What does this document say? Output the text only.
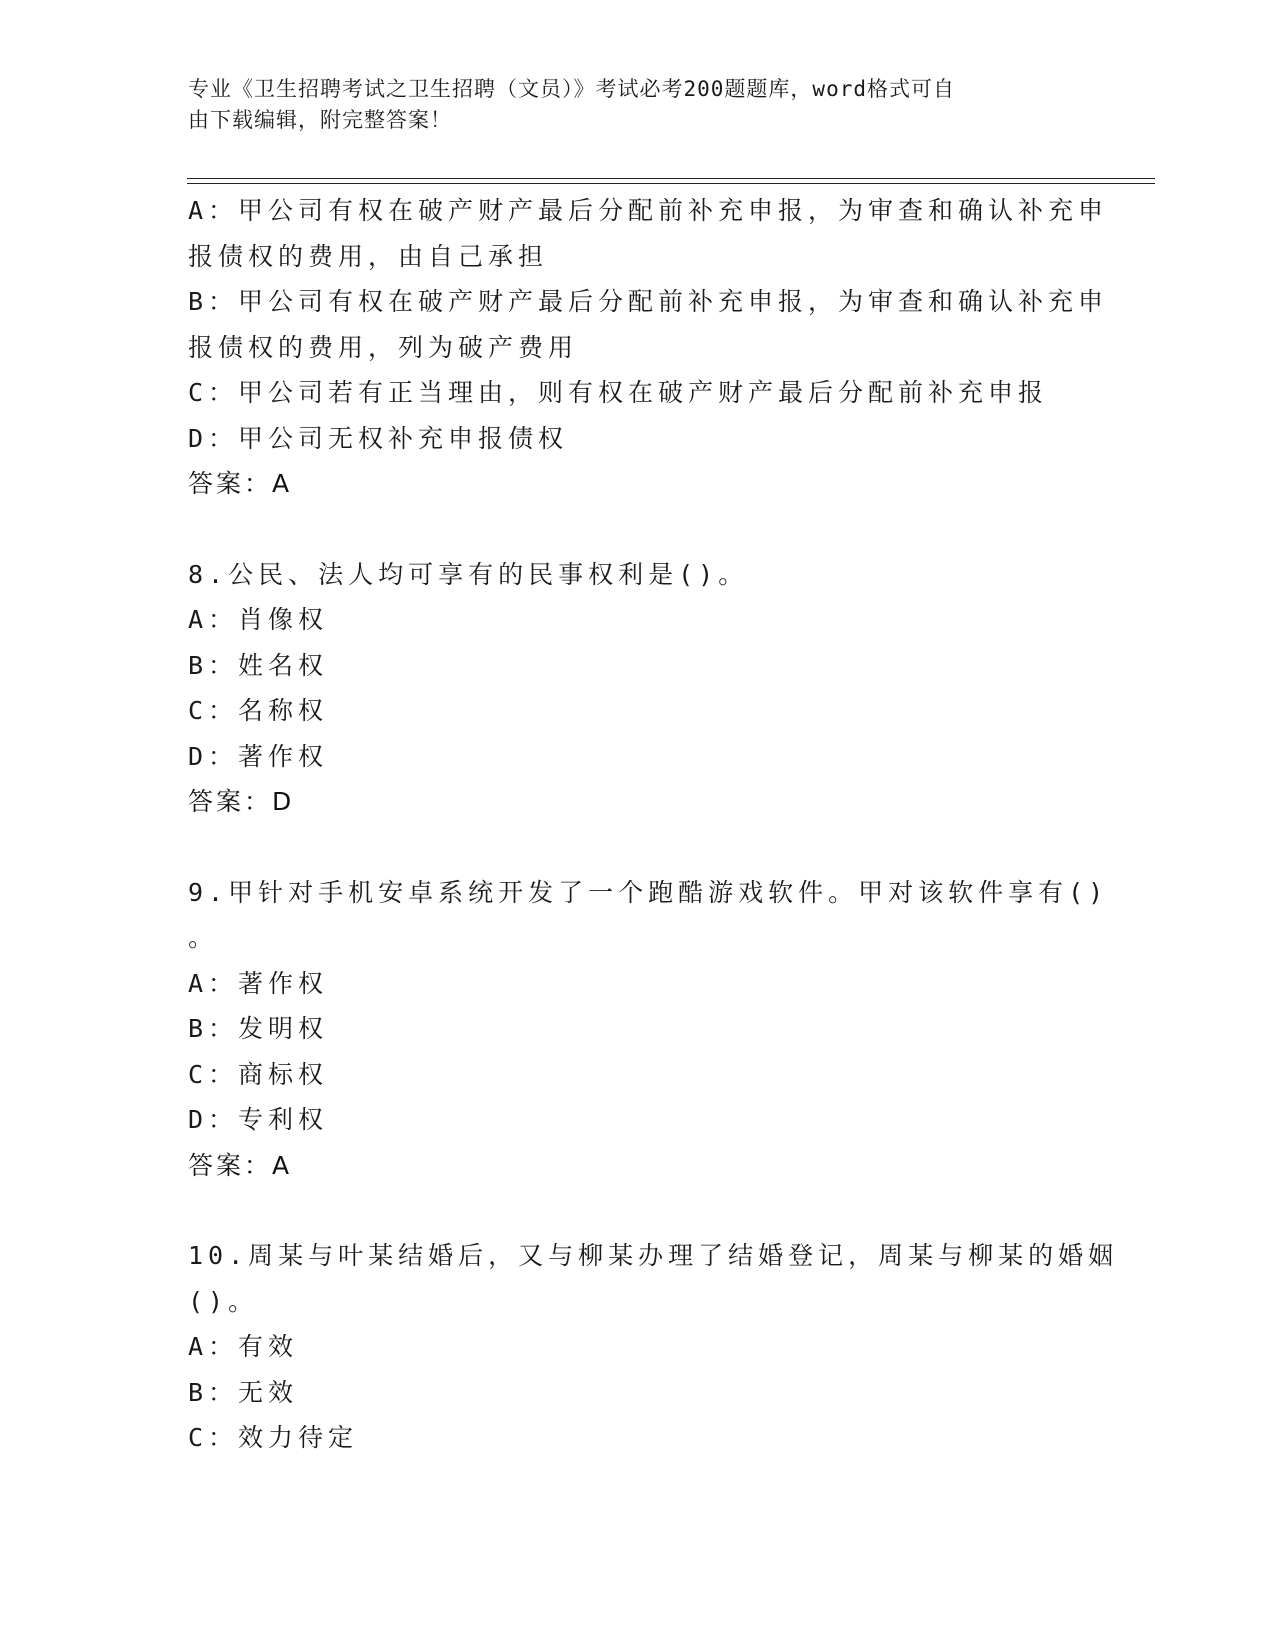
专业《卫生招聘考试之卫生招聘（文员）》考试必考200题题库，word格式可自
由下载编辑，附完整答案！
A：甲公司有权在破产财产最后分配前补充申报，为审查和确认补充申
报债权的费用，由自己承担
B：甲公司有权在破产财产最后分配前补充申报，为审查和确认补充申
报债权的费用，列为破产费用
C：甲公司若有正当理由，则有权在破产财产最后分配前补充申报
D：甲公司无权补充申报债权
答案：A
8.公民、法人均可享有的民事权利是()。
A：肖像权
B：姓名权
C：名称权
D：著作权
答案：D
9.甲针对手机安卓系统开发了一个跑酷游戏软件。甲对该软件享有()
。
A：著作权
B：发明权
C：商标权
D：专利权
答案：A
10.周某与叶某结婚后，又与柳某办理了结婚登记，周某与柳某的婚姻
()。
A：有效
B：无效
C：效力待定
